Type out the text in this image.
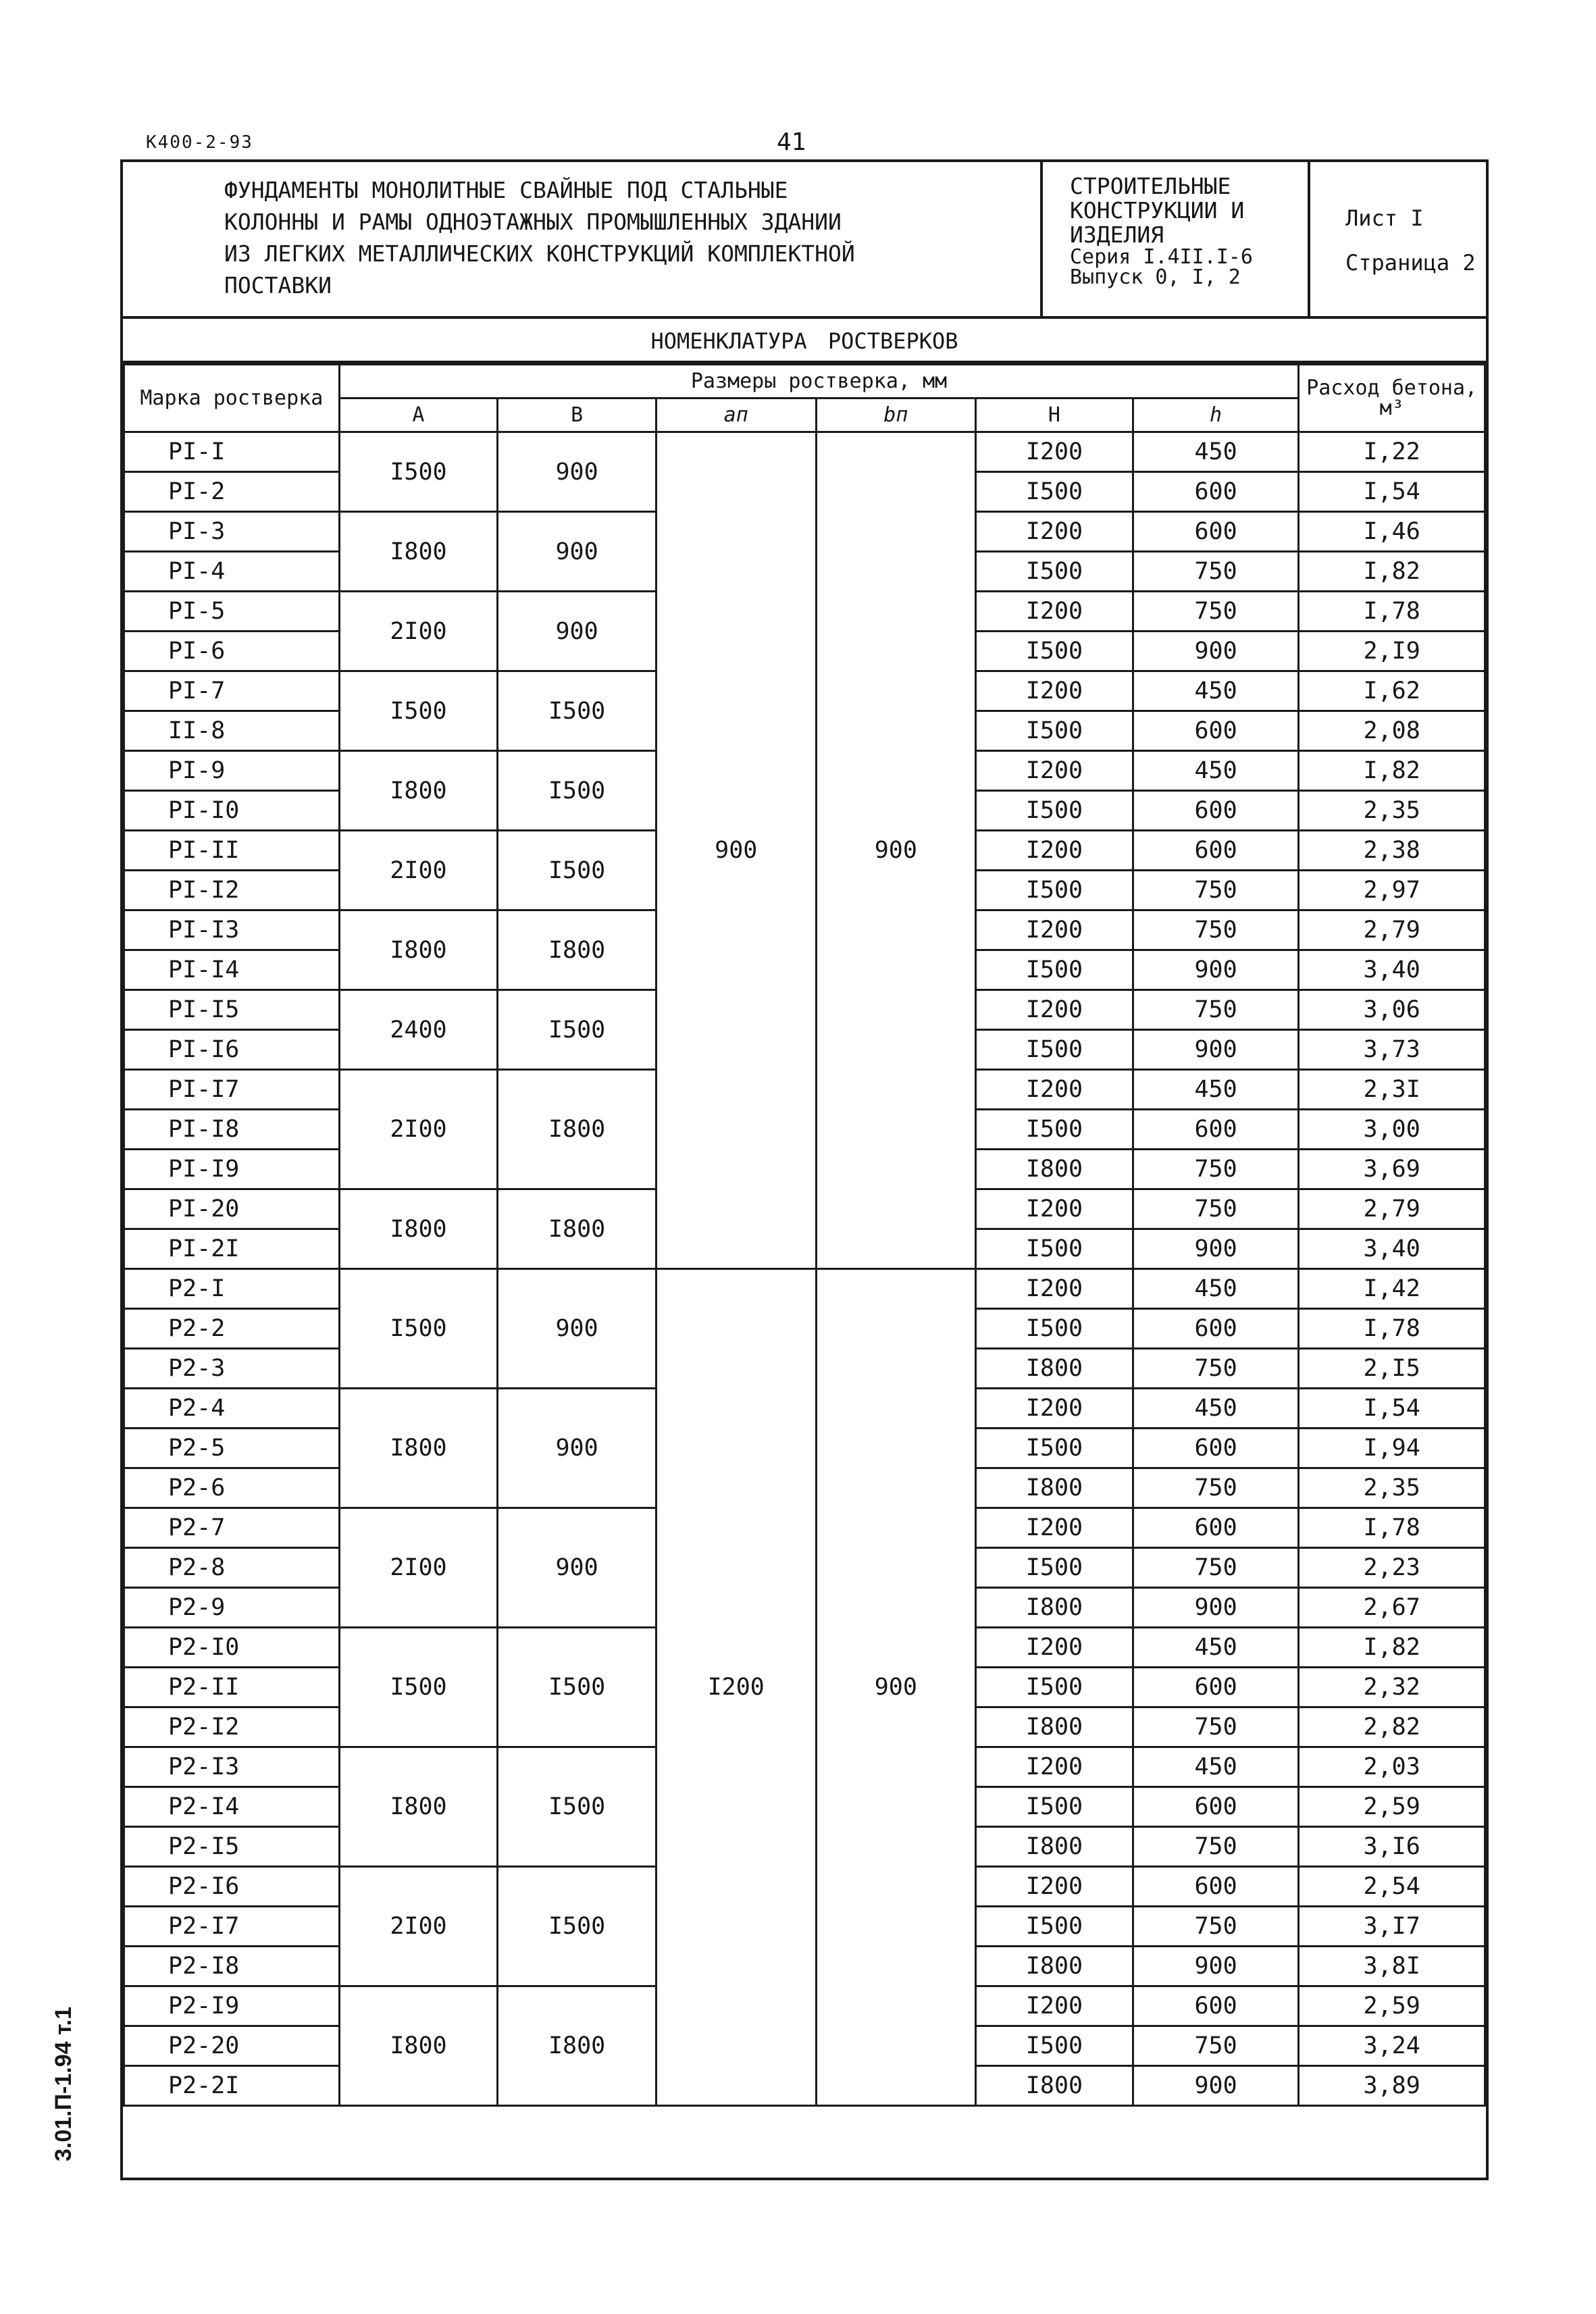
К400-2-93	41
3.01.П-1.94 т.1
ФУНДАМЕНТЫ МОНОЛИТНЫЕ СВАЙНЫЕ ПОД СТАЛЬНЫЕ
КОЛОННЫ И РАМЫ ОДНОЭТАЖНЫХ ПРОМЫШЛЕННЫХ ЗДАНИИ
ИЗ ЛЕГКИХ МЕТАЛЛИЧЕСКИХ КОНСТРУКЦИЙ КОМПЛЕКТНОЙ
ПОСТАВКИ
СТРОИТЕЛЬНЫЕ
КОНСТРУКЦИИ И
ИЗДЕЛИЯ
Серия I.4II.I-6
Выпуск 0, I, 2
Лист I
Страница 2
НОМЕНКЛАТУРА РОСТВЕРКОВ
Марка ростверка	Размеры ростверка, мм						Расход бетона, м³
	A	B	aп	bп	H	h	
PI-I	I500	900	900	900	I200	450	I,22
PI-2					I500	600	I,54
PI-3	I800	900			I200	600	I,46
PI-4					I500	750	I,82
PI-5	2I00	900			I200	750	I,78
PI-6					I500	900	2,I9
PI-7	I500	I500			I200	450	I,62
II-8					I500	600	2,08
PI-9	I800	I500			I200	450	I,82
PI-I0					I500	600	2,35
PI-II	2I00	I500			I200	600	2,38
PI-I2					I500	750	2,97
PI-I3	I800	I800			I200	750	2,79
PI-I4					I500	900	3,40
PI-I5	2400	I500			I200	750	3,06
PI-I6					I500	900	3,73
PI-I7	2I00	I800			I200	450	2,3I
PI-I8					I500	600	3,00
PI-I9					I800	750	3,69
PI-20	I800	I800			I200	750	2,79
PI-2I					I500	900	3,40
P2-I	I500	900	I200	900	I200	450	I,42
P2-2					I500	600	I,78
P2-3					I800	750	2,I5
P2-4	I800	900			I200	450	I,54
P2-5					I500	600	I,94
P2-6					I800	750	2,35
P2-7	2I00	900			I200	600	I,78
P2-8					I500	750	2,23
P2-9					I800	900	2,67
P2-I0	I500	I500			I200	450	I,82
P2-II					I500	600	2,32
P2-I2					I800	750	2,82
P2-I3	I800	I500			I200	450	2,03
P2-I4					I500	600	2,59
P2-I5					I800	750	3,I6
P2-I6	2I00	I500			I200	600	2,54
P2-I7					I500	750	3,I7
P2-I8					I800	900	3,8I
P2-I9	I800	I800			I200	600	2,59
P2-20					I500	750	3,24
P2-2I					I800	900	3,89
